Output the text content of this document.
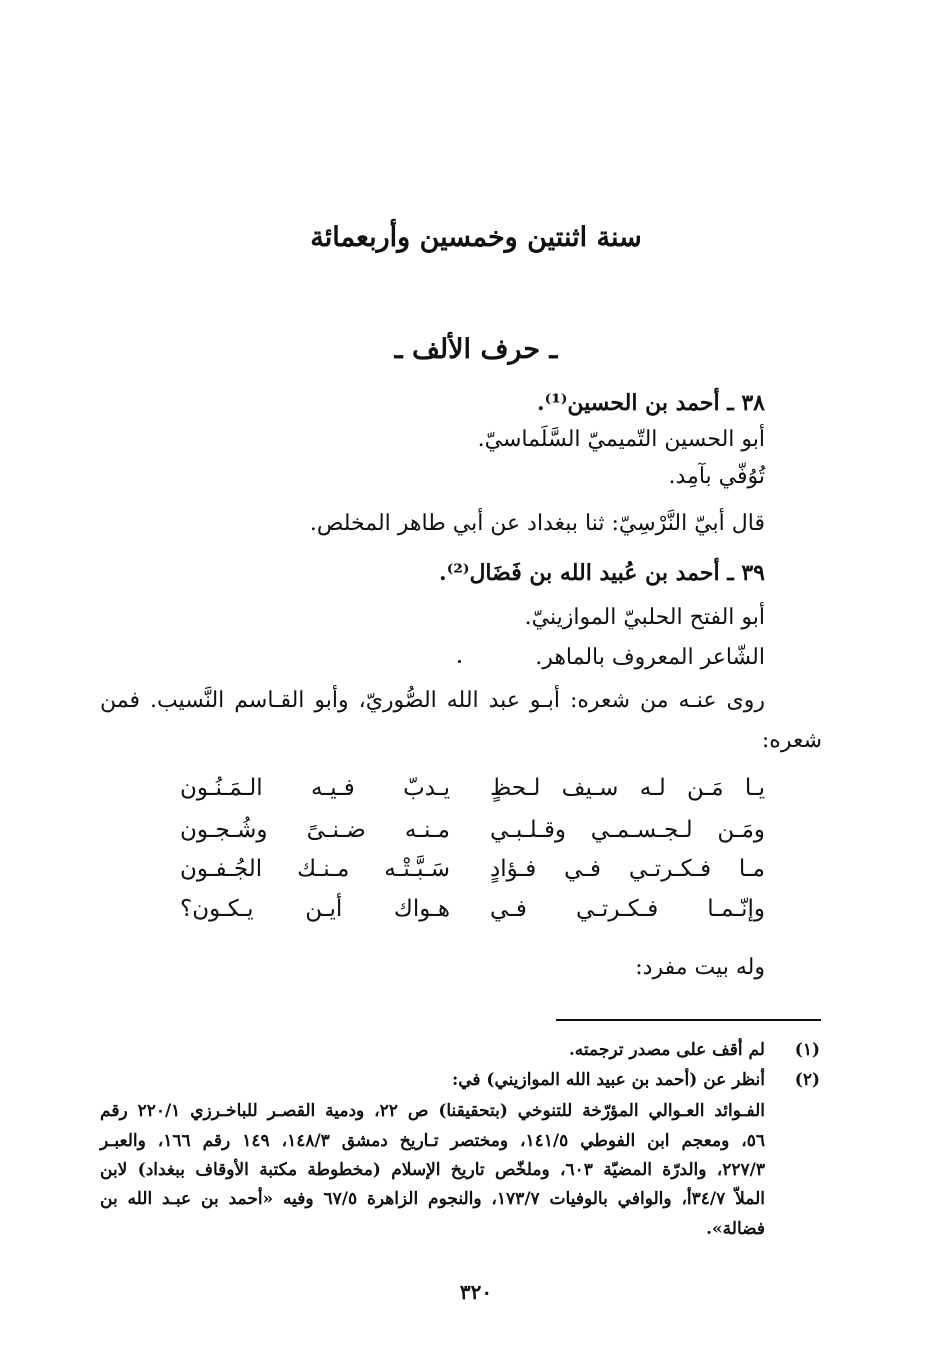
سنة اثنتين وخمسين وأربعمائة
ـ حرف الألف ـ
٣٨ ـ أحمد بن الحسين⁽¹⁾.
أبو الحسين التّميميّ السَّلَماسيّ.
تُوُفّي بآمِد.
قال أبيّ النَّرْسِيّ: ثنا ببغداد عن أبي طاهر المخلص.
٣٩ ـ أحمد بن عُبيد الله بن فَضَال⁽²⁾.
أبو الفتح الحلبيّ الموازينيّ.
الشّاعر المعروف بالماهر.
روى عنـه من شعره: أبـو عبد الله الصُّوريّ، وأبو القـاسم النَّسيب. فمن
شعره:
يـا مَـن لـه سـيف لـحظٍ
يـدبّ فـيـه الـمَـنُـون
ومَـن لـجـسـمـي وقـلـبـي
مـنـه ضـنـىً وشُـجـون
مـا فـكـرتـي فـي فـؤادٍ
سَـبَّـتْـه مـنـك الجُـفـون
وإنّـمـا فـكـرتـي فـي
هـواك أيـن يـكـون؟
وله بيت مفرد:
(١)
لم أقف على مصدر ترجمته.
(٢)
أنظر عن (أحمد بن عبيد الله الموازيني) في:
الفـوائد العـوالي المؤرّخة للتنوخي (بتحقيقنا) ص ٢٢، ودمية القصـر للباخـرزي ٢٢٠/١ رقم
٥٦، ومعجم ابن الفوطي ١٤١/٥، ومختصر تـاريخ دمشق ١٤٨/٣، ١٤٩ رقم ١٦٦، والعبـر
٢٢٧/٣، والدرّة المضيّة ٦٠٣، وملخّص تاريخ الإسلام (مخطوطة مكتبة الأوقاف ببغداد) لابن
الملاّ ٣٤/٧أ، والوافي بالوفيات ١٧٣/٧، والنجوم الزاهرة ٦٧/٥ وفيه «أحمد بن عبـد الله بن
فضالة».
٣٢٠
